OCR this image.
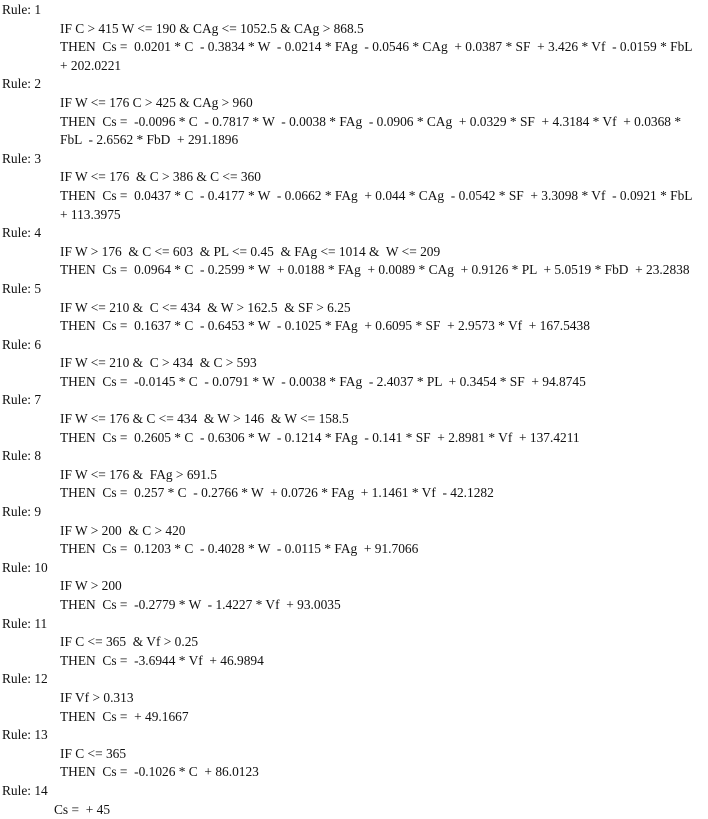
Rule: 1
IF C > 415 W <= 190 & CAg <= 1052.5 & CAg > 868.5
THEN  Cs =  0.0201 * C  - 0.3834 * W  - 0.0214 * FAg  - 0.0546 * CAg  + 0.0387 * SF  + 3.426 * Vf  - 0.0159 * FbL  + 202.0221
Rule: 2
IF W <= 176 C > 425 & CAg > 960
THEN  Cs =  -0.0096 * C  - 0.7817 * W  - 0.0038 * FAg  - 0.0906 * CAg  + 0.0329 * SF  + 4.3184 * Vf  + 0.0368 * FbL  - 2.6562 * FbD  + 291.1896
Rule: 3
IF W <= 176  & C > 386 & C <= 360
THEN  Cs =  0.0437 * C  - 0.4177 * W  - 0.0662 * FAg  + 0.044 * CAg  - 0.0542 * SF  + 3.3098 * Vf  - 0.0921 * FbL  + 113.3975
Rule: 4
IF W > 176  & C <= 603  & PL <= 0.45  & FAg <= 1014 &  W <= 209
THEN  Cs =  0.0964 * C  - 0.2599 * W  + 0.0188 * FAg  + 0.0089 * CAg  + 0.9126 * PL  + 5.0519 * FbD  + 23.2838
Rule: 5
IF W <= 210 &  C <= 434  & W > 162.5  & SF > 6.25
THEN  Cs =  0.1637 * C  - 0.6453 * W  - 0.1025 * FAg  + 0.6095 * SF  + 2.9573 * Vf  + 167.5438
Rule: 6
IF W <= 210 &  C > 434  & C > 593
THEN  Cs =  -0.0145 * C  - 0.0791 * W  - 0.0038 * FAg  - 2.4037 * PL  + 0.3454 * SF  + 94.8745
Rule: 7
IF W <= 176 & C <= 434  & W > 146  & W <= 158.5
THEN  Cs =  0.2605 * C  - 0.6306 * W  - 0.1214 * FAg  - 0.141 * SF  + 2.8981 * Vf  + 137.4211
Rule: 8
IF W <= 176 &  FAg > 691.5
THEN  Cs =  0.257 * C  - 0.2766 * W  + 0.0726 * FAg  + 1.1461 * Vf  - 42.1282
Rule: 9
IF W > 200  & C > 420
THEN  Cs =  0.1203 * C  - 0.4028 * W  - 0.0115 * FAg  + 91.7066
Rule: 10
IF W > 200
THEN  Cs =  -0.2779 * W  - 1.4227 * Vf  + 93.0035
Rule: 11
IF C <= 365  & Vf > 0.25
THEN  Cs =  -3.6944 * Vf  + 46.9894
Rule: 12
IF Vf > 0.313
THEN  Cs =  + 49.1667
Rule: 13
IF C <= 365
THEN  Cs =  -0.1026 * C  + 86.0123
Rule: 14
Cs =  + 45
